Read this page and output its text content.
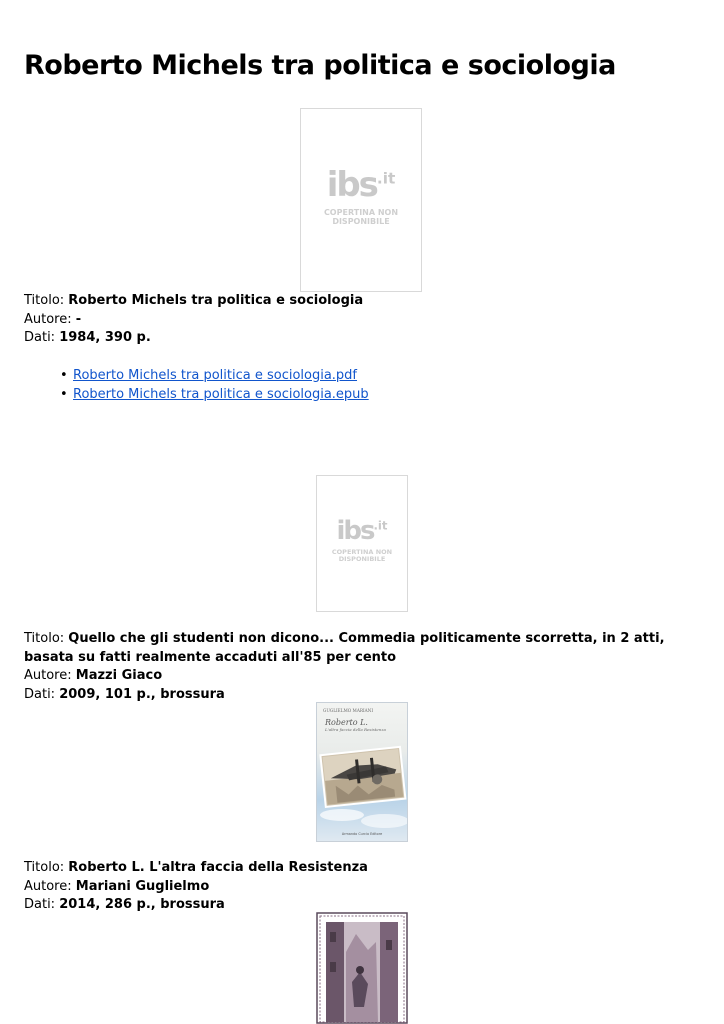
Roberto Michels tra politica e sociologia
ibs$^{.it}$
COPERTINA NON
DISPONIBILE
Titolo: Roberto Michels tra politica e sociologia
Autore: -
Dati: 1984, 390 p.
• Roberto Michels tra politica e sociologia.pdf
• Roberto Michels tra politica e sociologia.epub
ibs$^{.it}$
COPERTINA NON
DISPONIBILE
Titolo: Quello che gli studenti non dicono... Commedia politicamente scorretta, in 2 atti, basata su fatti realmente accaduti all'85 per cento
Autore: Mazzi Giaco
Dati: 2009, 101 p., brossura
GUGLIELMO MARIANI
Roberto L.
L'altra faccia della Resistenza
Armando Curcio Editore
Titolo: Roberto L. L'altra faccia della Resistenza
Autore: Mariani Guglielmo
Dati: 2014, 286 p., brossura
